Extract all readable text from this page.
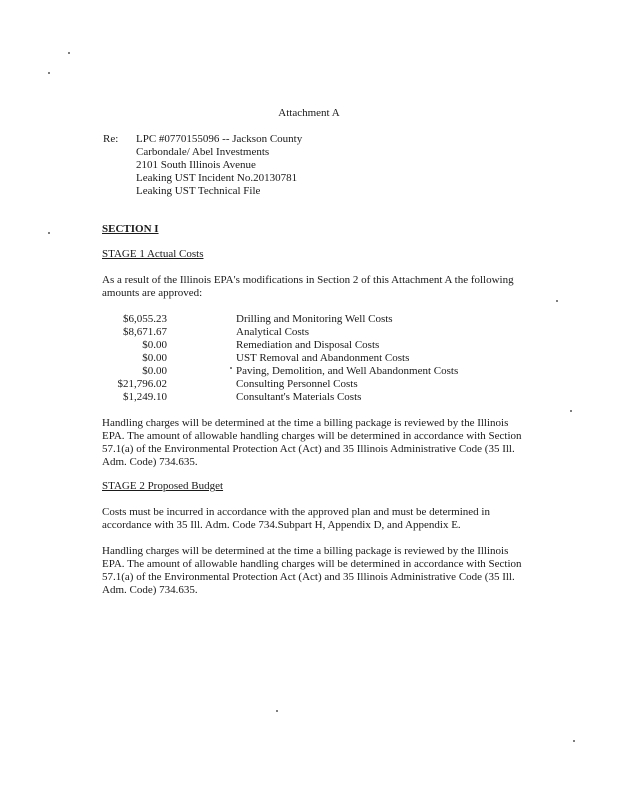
Attachment A
Re: LPC #0770155096 -- Jackson County
Carbondale/ Abel Investments
2101 South Illinois Avenue
Leaking UST Incident No.20130781
Leaking UST Technical File
SECTION I
STAGE 1 Actual Costs
As a result of the Illinois EPA's modifications in Section 2 of this Attachment A the following
amounts are approved:
$6,055.23
$8,671.67
$0.00
$0.00
$0.00
$21,796.02
$1,249.10
Drilling and Monitoring Well Costs
Analytical Costs
Remediation and Disposal Costs
UST Removal and Abandonment Costs
Paving, Demolition, and Well Abandonment Costs
Consulting Personnel Costs
Consultant's Materials Costs
Handling charges will be determined at the time a billing package is reviewed by the Illinois
EPA. The amount of allowable handling charges will be determined in accordance with Section
57.1(a) of the Environmental Protection Act (Act) and 35 Illinois Administrative Code (35 Ill.
Adm. Code) 734.635.
STAGE 2 Proposed Budget
Costs must be incurred in accordance with the approved plan and must be determined in
accordance with 35 Ill. Adm. Code 734.Subpart H, Appendix D, and Appendix E.
Handling charges will be determined at the time a billing package is reviewed by the Illinois
EPA. The amount of allowable handling charges will be determined in accordance with Section
57.1(a) of the Environmental Protection Act (Act) and 35 Illinois Administrative Code (35 Ill.
Adm. Code) 734.635.
